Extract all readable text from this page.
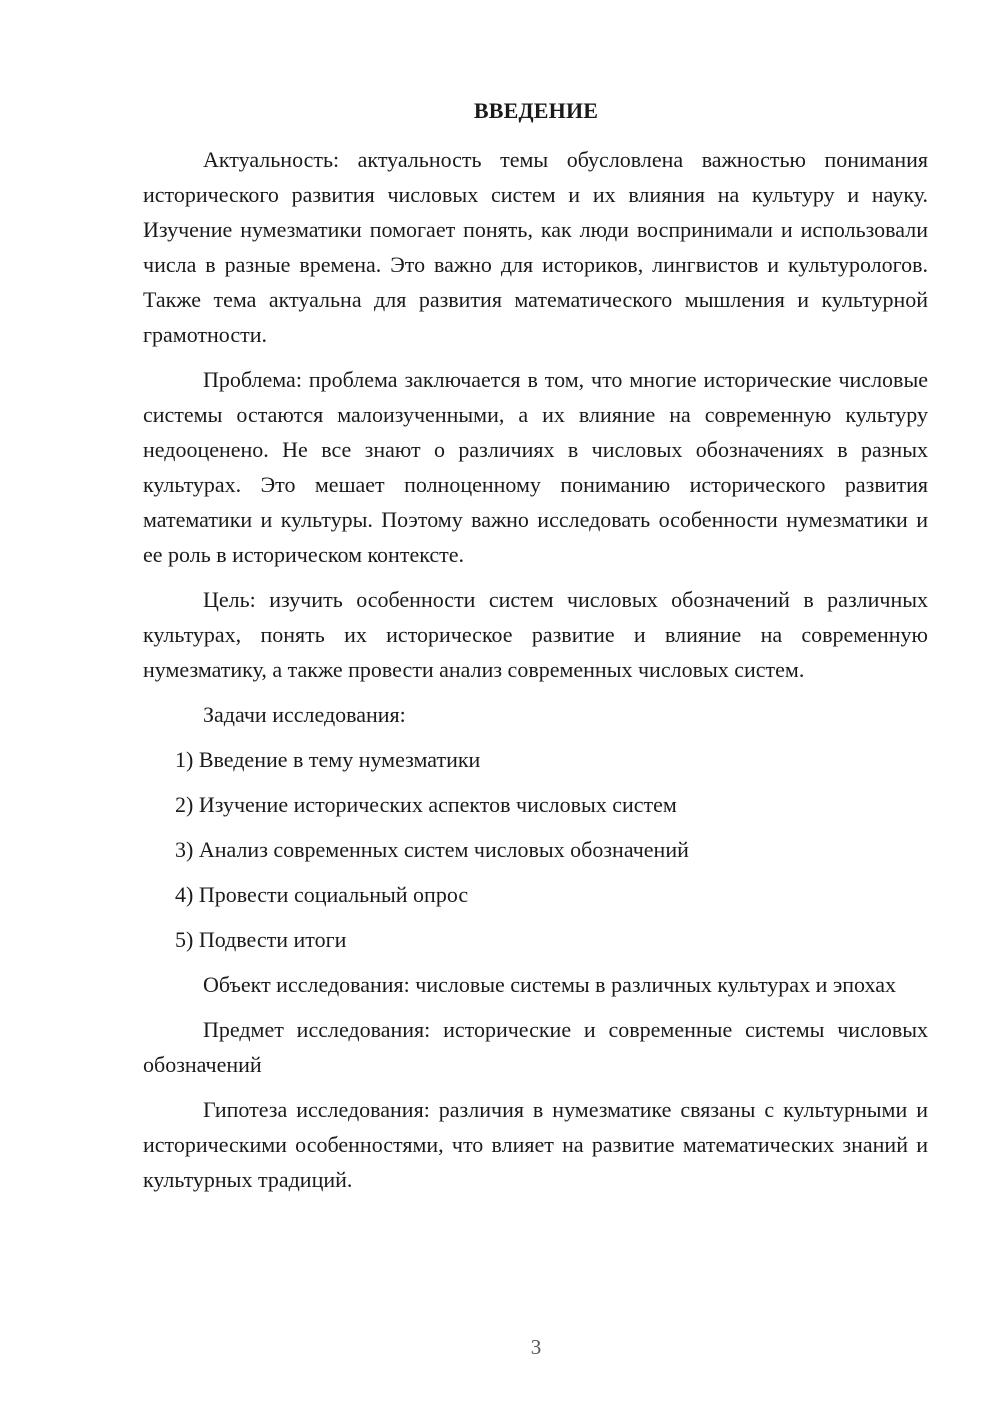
ВВЕДЕНИЕ

Актуальность: актуальность темы обусловлена важностью понимания исторического развития числовых систем и их влияния на культуру и науку. Изучение нумезматики помогает понять, как люди воспринимали и использовали числа в разные времена. Это важно для историков, лингвистов и культурологов. Также тема актуальна для развития математического мышления и культурной грамотности.

Проблема: проблема заключается в том, что многие исторические числовые системы остаются малоизученными, а их влияние на современную культуру недооценено. Не все знают о различиях в числовых обозначениях в разных культурах. Это мешает полноценному пониманию исторического развития математики и культуры. Поэтому важно исследовать особенности нумезматики и ее роль в историческом контексте.

Цель: изучить особенности систем числовых обозначений в различных культурах, понять их историческое развитие и влияние на современную нумезматику, а также провести анализ современных числовых систем.

Задачи исследования:

1) Введение в тему нумезматики
2) Изучение исторических аспектов числовых систем
3) Анализ современных систем числовых обозначений
4) Провести социальный опрос
5) Подвести итоги

Объект исследования: числовые системы в различных культурах и эпохах

Предмет исследования: исторические и современные системы числовых обозначений

Гипотеза исследования: различия в нумезматике связаны с культурными и историческими особенностями, что влияет на развитие математических знаний и культурных традиций.

3
